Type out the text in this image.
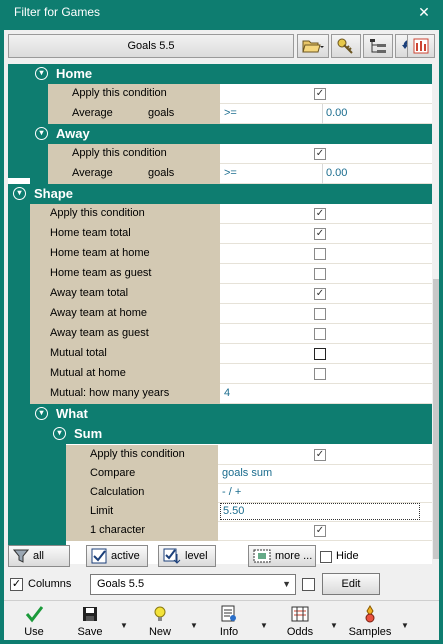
Filter for Games	✕
Goals 5.5
▾ Home
Apply this condition	✓
Average	goals	>=	0.00
▾ Away
Apply this condition	✓
Average	goals	>=	0.00
▾ Shape
Apply this condition	✓
Home team total	✓
Home team at home
Home team as guest
Away team total	✓
Away team at home
Away team as guest
Mutual total
Mutual at home
Mutual: how many years	4
▾ What
▾ Sum
Apply this condition	✓
Compare	goals sum
Calculation	- / +
Limit	5.50
1 character	✓
all	active	level	more ... Hide
✓ Columns	Goals 5.5	▼	Edit
Use	Save
▼
New
▼
Info
▼
Odds
▼
Samples
▼
